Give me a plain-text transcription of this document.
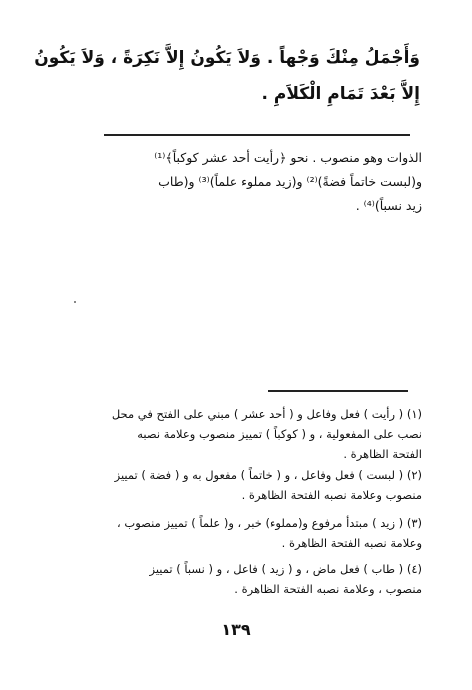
وَأَجْمَلُ مِنْكَ وَجْهاً . وَلاَ يَكُونُ إِلاَّ نَكِرَةً ، وَلاَ يَكُونُ
إِلاَّ بَعْدَ تَمَامِ الْكَلاَمِ .
الذوات وهو منصوب . نحو ﴿رأيت أحد عشر كوكباً﴾⁽¹⁾
و(لبست خاتماً فضةً)⁽²⁾ و(زيد مملوء علماً)⁽³⁾ و(طاب
زيد نسباً)⁽⁴⁾ .
(١) ( رأيت ) فعل وفاعل و ( أحد عشر ) مبني على الفتح في محل
نصب على المفعولية ، و ( كوكباً ) تمييز منصوب وعلامة نصبه
الفتحة الظاهرة .
(٢) ( لبست ) فعل وفاعل ، و ( خاتماً ) مفعول به و ( فضة ) تمييز
منصوب وعلامة نصبه الفتحة الظاهرة .
(٣) ( زيد ) مبتدأ مرفوع و(مملوء) خبر ، و( علماً ) تمييز منصوب ،
وعلامة نصبه الفتحة الظاهرة .
(٤) ( طاب ) فعل ماض ، و ( زيد ) فاعل ، و ( نسباً ) تمييز
منصوب ، وعلامة نصبه الفتحة الظاهرة .
١٣٩
